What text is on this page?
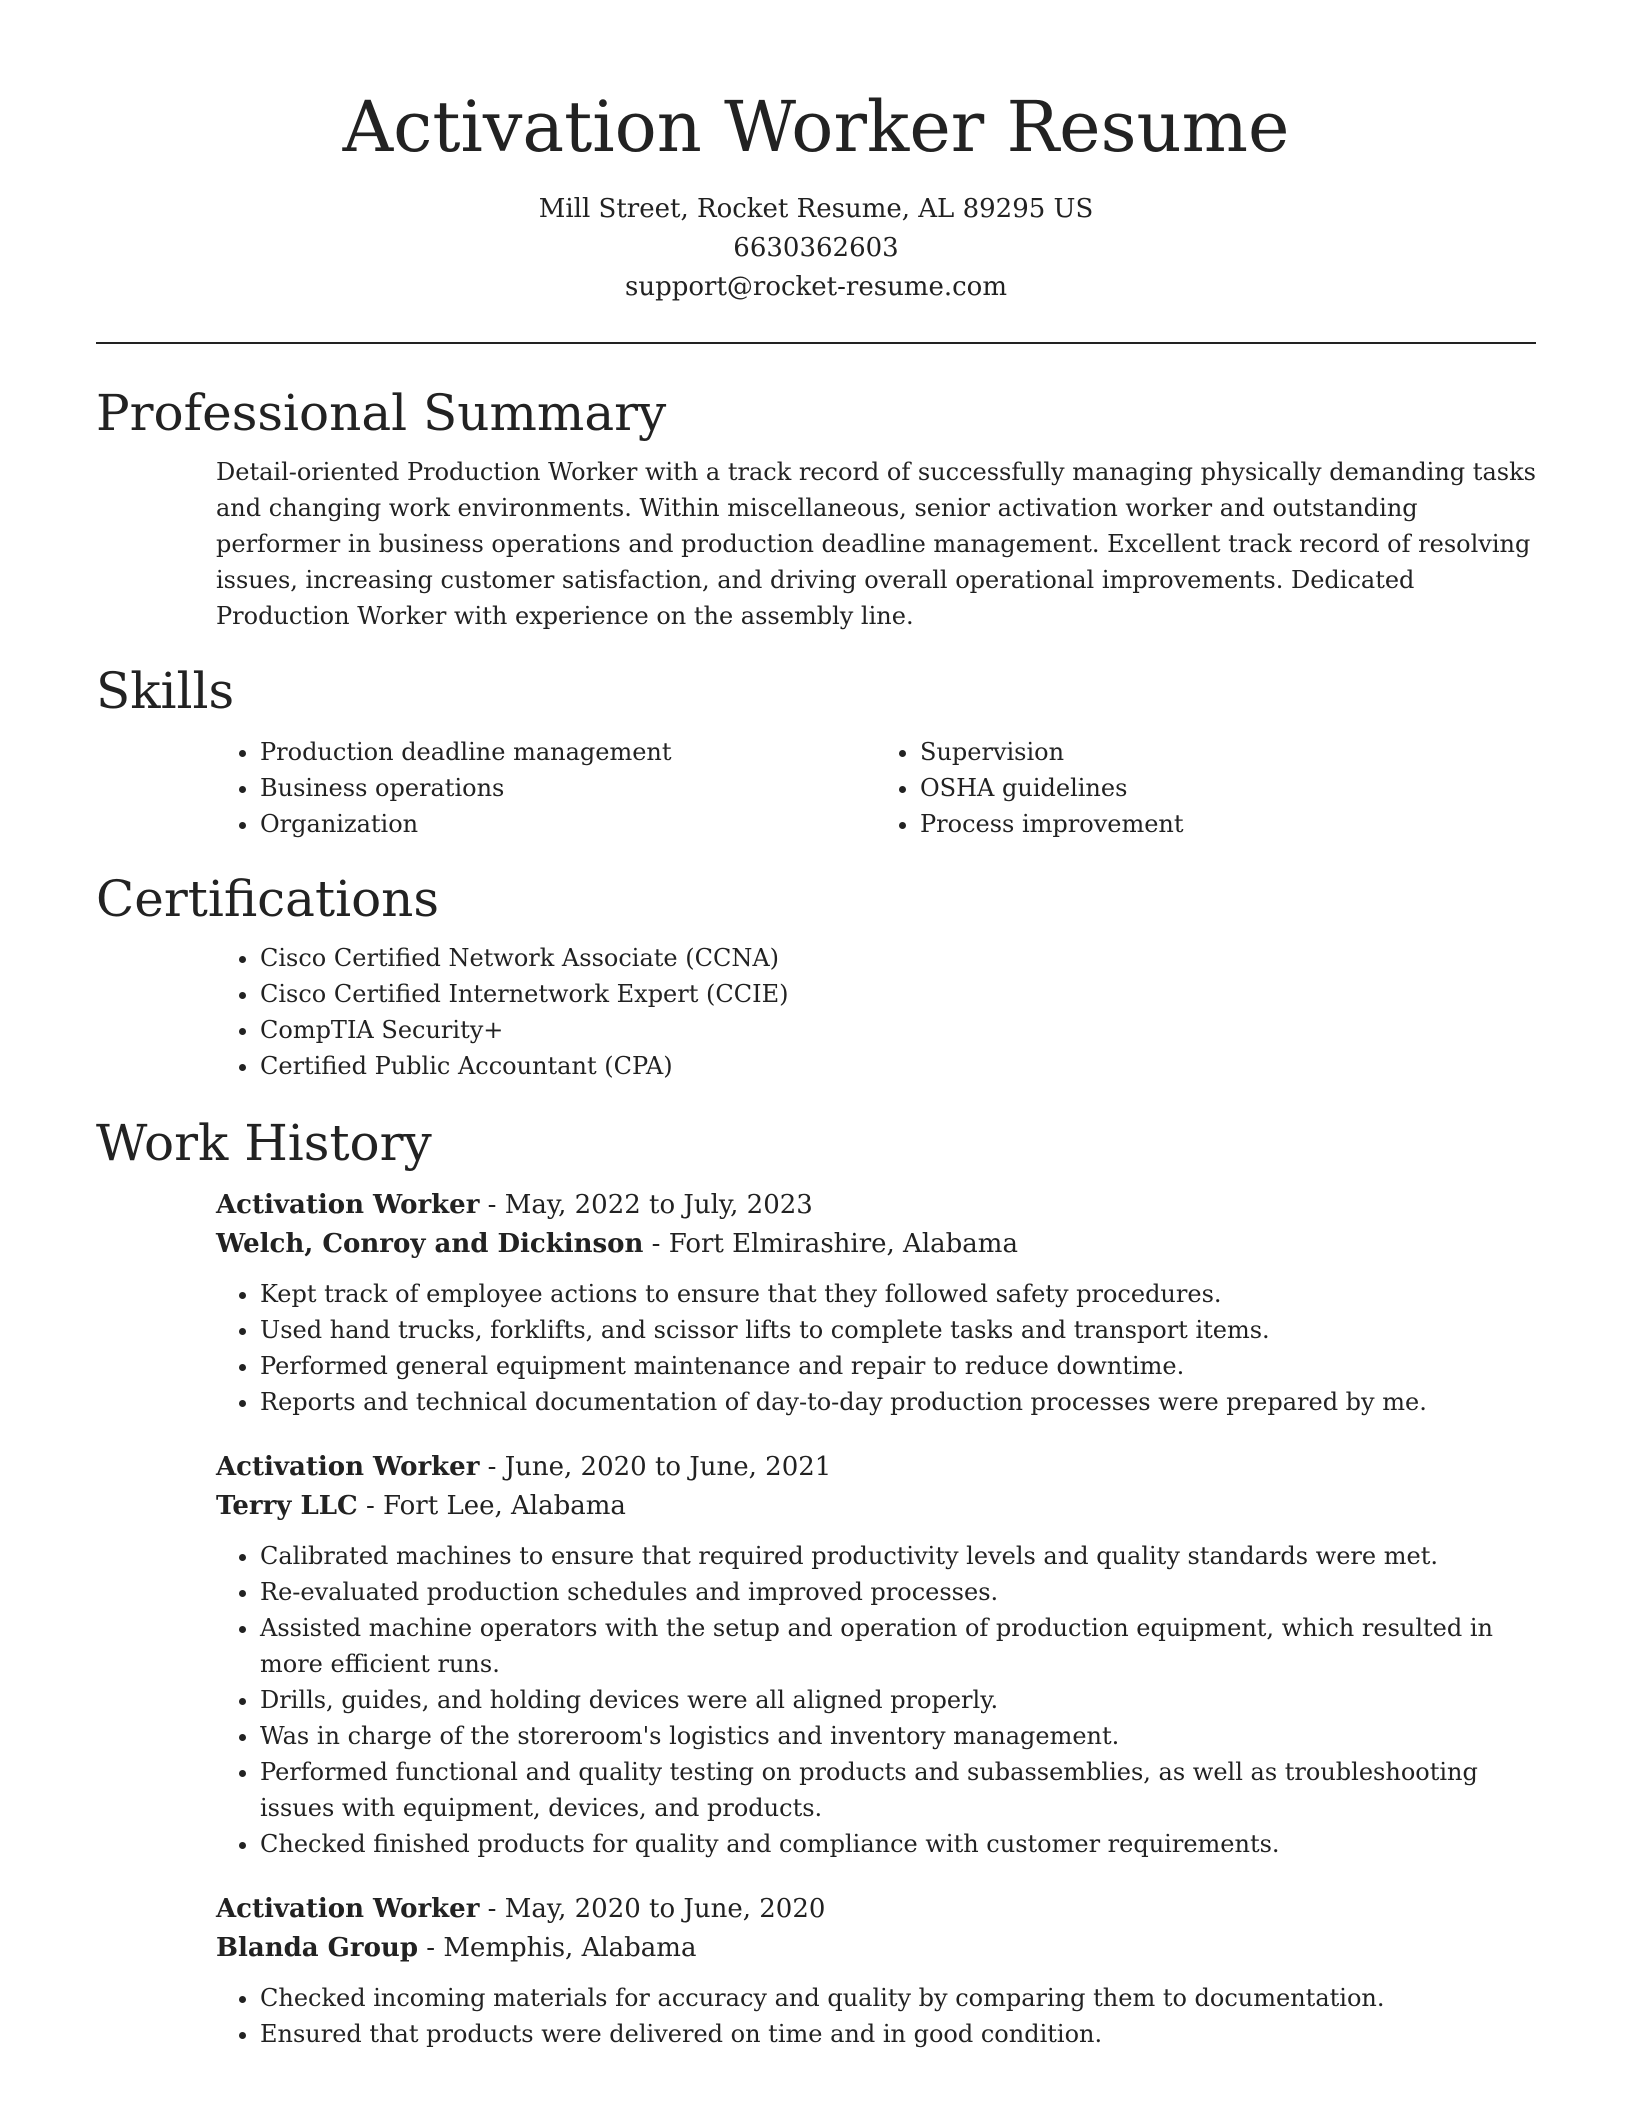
Activation Worker Resume
Mill Street, Rocket Resume, AL 89295 US
6630362603
support@rocket-resume.com
Professional Summary

Detail-oriented Production Worker with a track record of successfully managing physically demanding tasks and changing work environments. Within miscellaneous, senior activation worker and outstanding performer in business operations and production deadline management. Excellent track record of resolving issues, increasing customer satisfaction, and driving overall operational improvements. Dedicated Production Worker with experience on the assembly line.

Skills
• Production deadline management
• Business operations
• Organization
• Supervision
• OSHA guidelines
• Process improvement
Certifications
• Cisco Certified Network Associate (CCNA)
• Cisco Certified Internetwork Expert (CCIE)
• CompTIA Security+
• Certified Public Accountant (CPA)
Work History
Activation Worker - May, 2022 to July, 2023
Welch, Conroy and Dickinson - Fort Elmirashire, Alabama
• Kept track of employee actions to ensure that they followed safety procedures.
• Used hand trucks, forklifts, and scissor lifts to complete tasks and transport items.
• Performed general equipment maintenance and repair to reduce downtime.
• Reports and technical documentation of day-to-day production processes were prepared by me.
Activation Worker - June, 2020 to June, 2021
Terry LLC - Fort Lee, Alabama
• Calibrated machines to ensure that required productivity levels and quality standards were met.
• Re-evaluated production schedules and improved processes.
• Assisted machine operators with the setup and operation of production equipment, which resulted in more efficient runs.
• Drills, guides, and holding devices were all aligned properly.
• Was in charge of the storeroom's logistics and inventory management.
• Performed functional and quality testing on products and subassemblies, as well as troubleshooting issues with equipment, devices, and products.
• Checked finished products for quality and compliance with customer requirements.
Activation Worker - May, 2020 to June, 2020
Blanda Group - Memphis, Alabama
• Checked incoming materials for accuracy and quality by comparing them to documentation.
• Ensured that products were delivered on time and in good condition.
